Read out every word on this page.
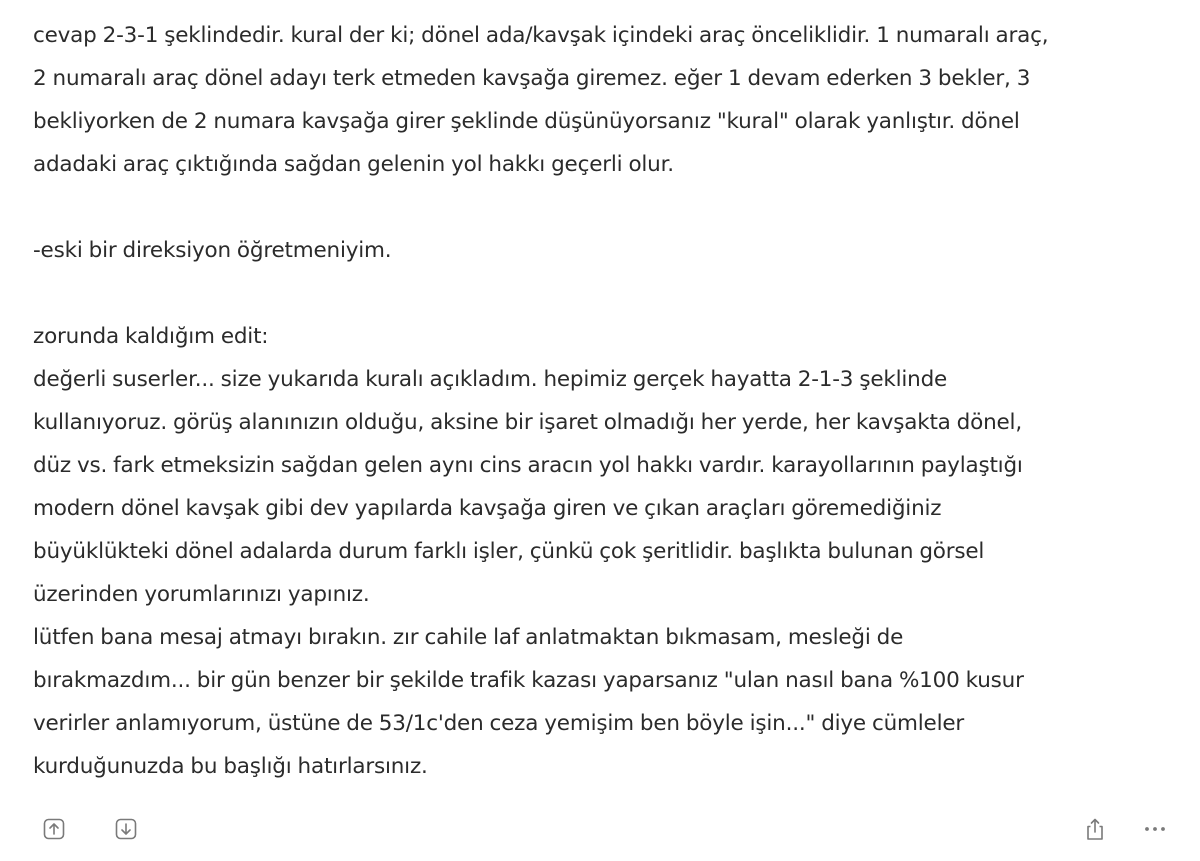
cevap 2-3-1 şeklindedir. kural der ki; dönel ada/kavşak içindeki araç önceliklidir. 1 numaralı araç,
2 numaralı araç dönel adayı terk etmeden kavşağa giremez. eğer 1 devam ederken 3 bekler, 3
bekliyorken de 2 numara kavşağa girer şeklinde düşünüyorsanız "kural" olarak yanlıştır. dönel
adadaki araç çıktığında sağdan gelenin yol hakkı geçerli olur.
-eski bir direksiyon öğretmeniyim.
zorunda kaldığım edit:
değerli suserler... size yukarıda kuralı açıkladım. hepimiz gerçek hayatta 2-1-3 şeklinde
kullanıyoruz. görüş alanınızın olduğu, aksine bir işaret olmadığı her yerde, her kavşakta dönel,
düz vs. fark etmeksizin sağdan gelen aynı cins aracın yol hakkı vardır. karayollarının paylaştığı
modern dönel kavşak gibi dev yapılarda kavşağa giren ve çıkan araçları göremediğiniz
büyüklükteki dönel adalarda durum farklı işler, çünkü çok şeritlidir. başlıkta bulunan görsel
üzerinden yorumlarınızı yapınız.
lütfen bana mesaj atmayı bırakın. zır cahile laf anlatmaktan bıkmasam, mesleği de
bırakmazdım... bir gün benzer bir şekilde trafik kazası yaparsanız "ulan nasıl bana %100 kusur
verirler anlamıyorum, üstüne de 53/1c'den ceza yemişim ben böyle işin..." diye cümleler
kurduğunuzda bu başlığı hatırlarsınız.
